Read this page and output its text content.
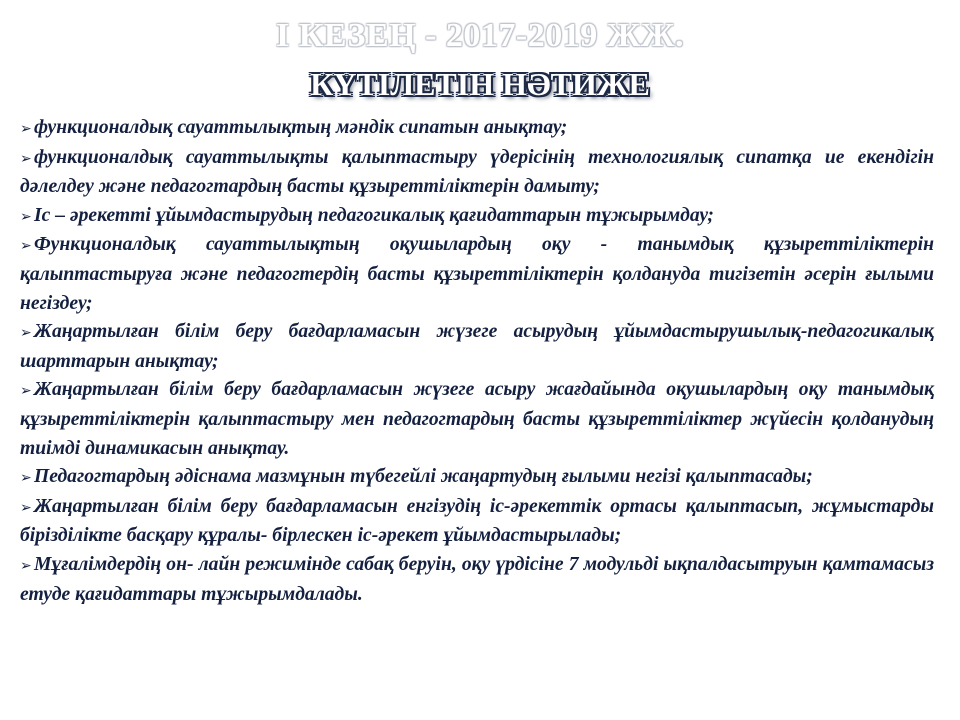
І КЕЗЕҢ - 2017-2019 ЖЖ.
КҮТІЛЕТІН НӘТИЖЕ

➢ функционалдық сауаттылықтың мәндік сипатын анықтау;

➢ функционалдық сауаттылықты қалыптастыру үдерісінің технологиялық сипатқа ие екендігін дәлелдеу және педагогтардың басты құзыреттіліктерін дамыту;

➢ Іс – әрекетті ұйымдастырудың педагогикалық қағидаттарын тұжырымдау;

➢ Функционалдық сауаттылықтың оқушылардың оқу - танымдық құзыреттіліктерін қалыптастыруға және педагогтердің басты құзыреттіліктерін қолдануда тигізетін әсерін ғылыми негіздеу;

➢ Жаңартылған білім беру бағдарламасын жүзеге асырудың ұйымдастырушылық-педагогикалық шарттарын анықтау;

➢ Жаңартылған білім беру бағдарламасын жүзеге асыру жағдайында оқушылардың оқу танымдық құзыреттіліктерін қалыптастыру мен педагогтардың басты құзыреттіліктер жүйесін қолданудың тиімді динамикасын анықтау.

➢ Педагогтардың әдіснама мазмұнын түбегейлі жаңартудың ғылыми негізі қалыптасады;

➢ Жаңартылған білім беру бағдарламасын енгізудің іс-әрекеттік ортасы қалыптасып, жұмыстарды бірізділікте басқару құралы- бірлескен іс-әрекет ұйымдастырылады;

➢ Мұғалімдердің он- лайн режимінде сабақ беруін, оқу үрдісіне 7 модульді ықпалдасытруын қамтамасыз етуде қағидаттары тұжырымдалады.
